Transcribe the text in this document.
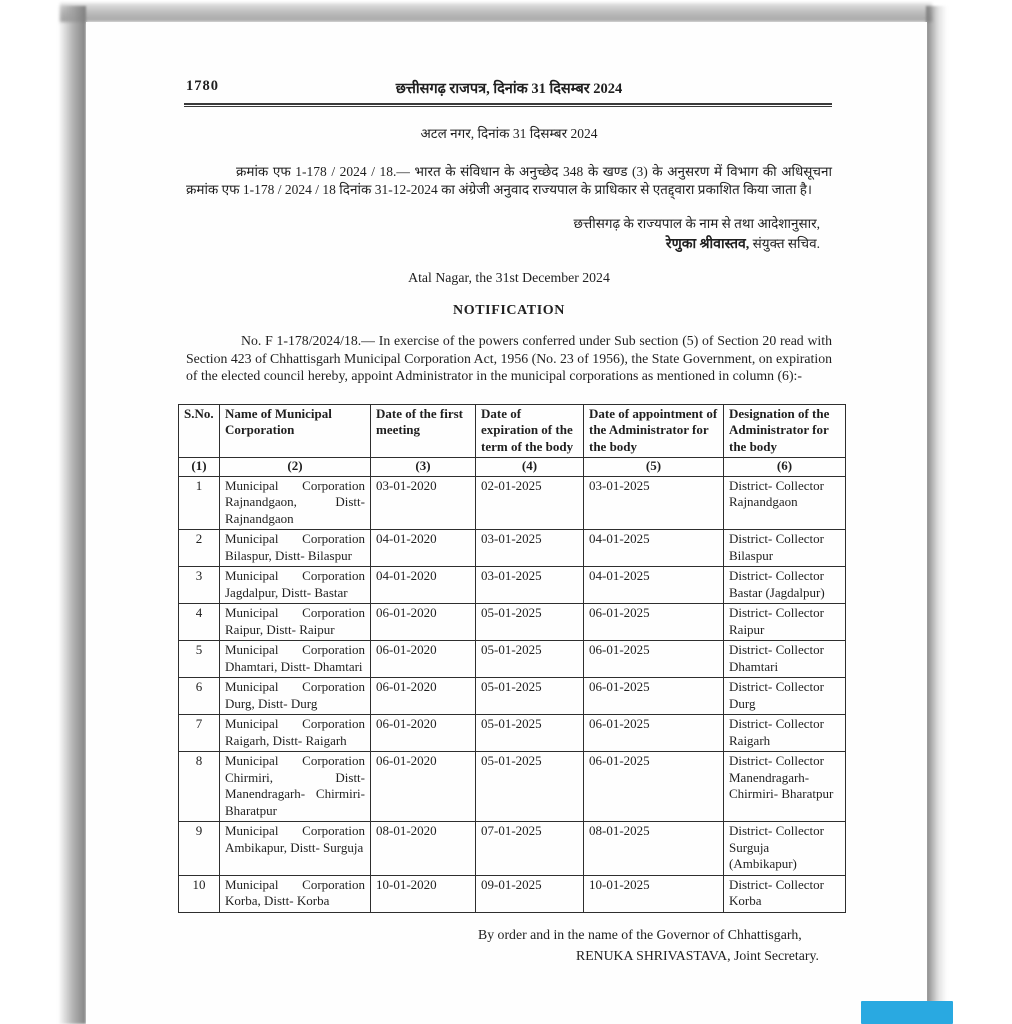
1780	छत्तीसगढ़ राजपत्र, दिनांक 31 दिसम्बर 2024
अटल नगर, दिनांक 31 दिसम्बर 2024
क्रमांक एफ 1-178 / 2024 / 18.— भारत के संविधान के अनुच्छेद 348 के खण्ड (3) के अनुसरण में विभाग की अधिसूचना क्रमांक एफ 1-178 / 2024 / 18 दिनांक 31-12-2024 का अंग्रेजी अनुवाद राज्यपाल के प्राधिकार से एतद्द्वारा प्रकाशित किया जाता है।
छत्तीसगढ़ के राज्यपाल के नाम से तथा आदेशानुसार,
रेणुका श्रीवास्तव, संयुक्त सचिव.
Atal Nagar, the 31st December 2024
NOTIFICATION
No. F 1-178/2024/18.— In exercise of the powers conferred under Sub section (5) of Section 20 read with Section 423 of Chhattisgarh Municipal Corporation Act, 1956 (No. 23 of 1956), the State Government, on expiration of the elected council hereby, appoint Administrator in the municipal corporations as mentioned in column (6):-
S.No.	Name of Municipal Corporation	Date of the first meeting	Date of expiration of the term of the body	Date of appointment of the Administrator for the body	Designation of the Administrator for the body
(1)	(2)	(3)	(4)	(5)	(6)
1	Municipal Corporation Rajnandgaon, Distt- Rajnandgaon	03-01-2020	02-01-2025	03-01-2025	District- Collector Rajnandgaon
2	Municipal Corporation Bilaspur, Distt- Bilaspur	04-01-2020	03-01-2025	04-01-2025	District- Collector Bilaspur
3	Municipal Corporation Jagdalpur, Distt- Bastar	04-01-2020	03-01-2025	04-01-2025	District- Collector Bastar (Jagdalpur)
4	Municipal Corporation Raipur, Distt- Raipur	06-01-2020	05-01-2025	06-01-2025	District- Collector Raipur
5	Municipal Corporation Dhamtari, Distt- Dhamtari	06-01-2020	05-01-2025	06-01-2025	District- Collector Dhamtari
6	Municipal Corporation Durg, Distt- Durg	06-01-2020	05-01-2025	06-01-2025	District- Collector Durg
7	Municipal Corporation Raigarh, Distt- Raigarh	06-01-2020	05-01-2025	06-01-2025	District- Collector Raigarh
8	Municipal Corporation Chirmiri, Distt- Manendragarh- Chirmiri- Bharatpur	06-01-2020	05-01-2025	06-01-2025	District- Collector Manendragarh- Chirmiri- Bharatpur
9	Municipal Corporation Ambikapur, Distt- Surguja	08-01-2020	07-01-2025	08-01-2025	District- Collector Surguja (Ambikapur)
10	Municipal Corporation Korba, Distt- Korba	10-01-2020	09-01-2025	10-01-2025	District- Collector Korba
By order and in the name of the Governor of Chhattisgarh,
RENUKA SHRIVASTAVA, Joint Secretary.
